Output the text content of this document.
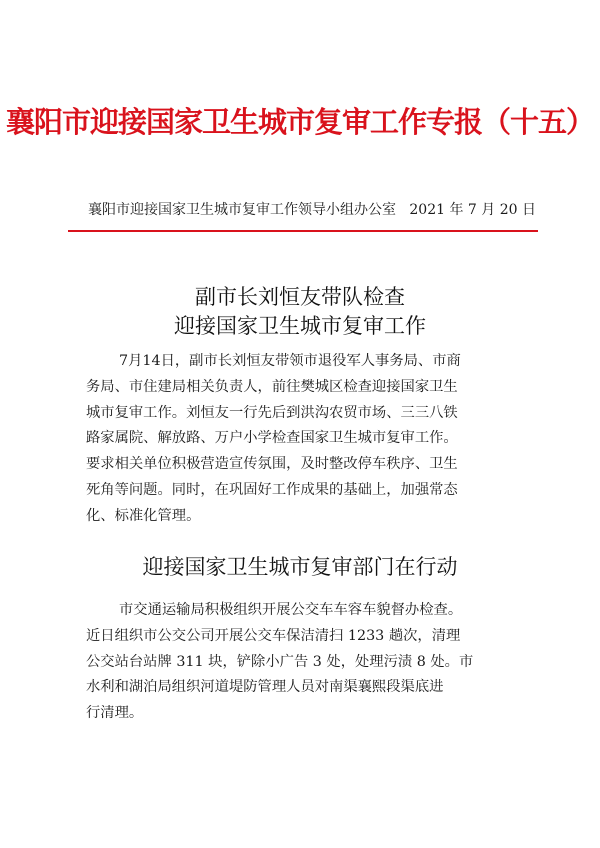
襄阳市迎接国家卫生城市复审工作专报（十五）
襄阳市迎接国家卫生城市复审工作领导小组办公室 2021 年 7 月 20 日
副市长刘恒友带队检查
迎接国家卫生城市复审工作
7月14日，副市长刘恒友带领市退役军人事务局、市商
务局、市住建局相关负责人，前往樊城区检查迎接国家卫生
城市复审工作。刘恒友一行先后到洪沟农贸市场、三三八铁
路家属院、解放路、万户小学检查国家卫生城市复审工作。
要求相关单位积极营造宣传氛围，及时整改停车秩序、卫生
死角等问题。同时，在巩固好工作成果的基础上，加强常态
化、标准化管理。
迎接国家卫生城市复审部门在行动
市交通运输局积极组织开展公交车车容车貌督办检查。
近日组织市公交公司开展公交车保洁清扫 1233 趟次，清理
公交站台站牌 311 块，铲除小广告 3 处，处理污渍 8 处。市
水利和湖泊局组织河道堤防管理人员对南渠襄熙段渠底进
行清理。
